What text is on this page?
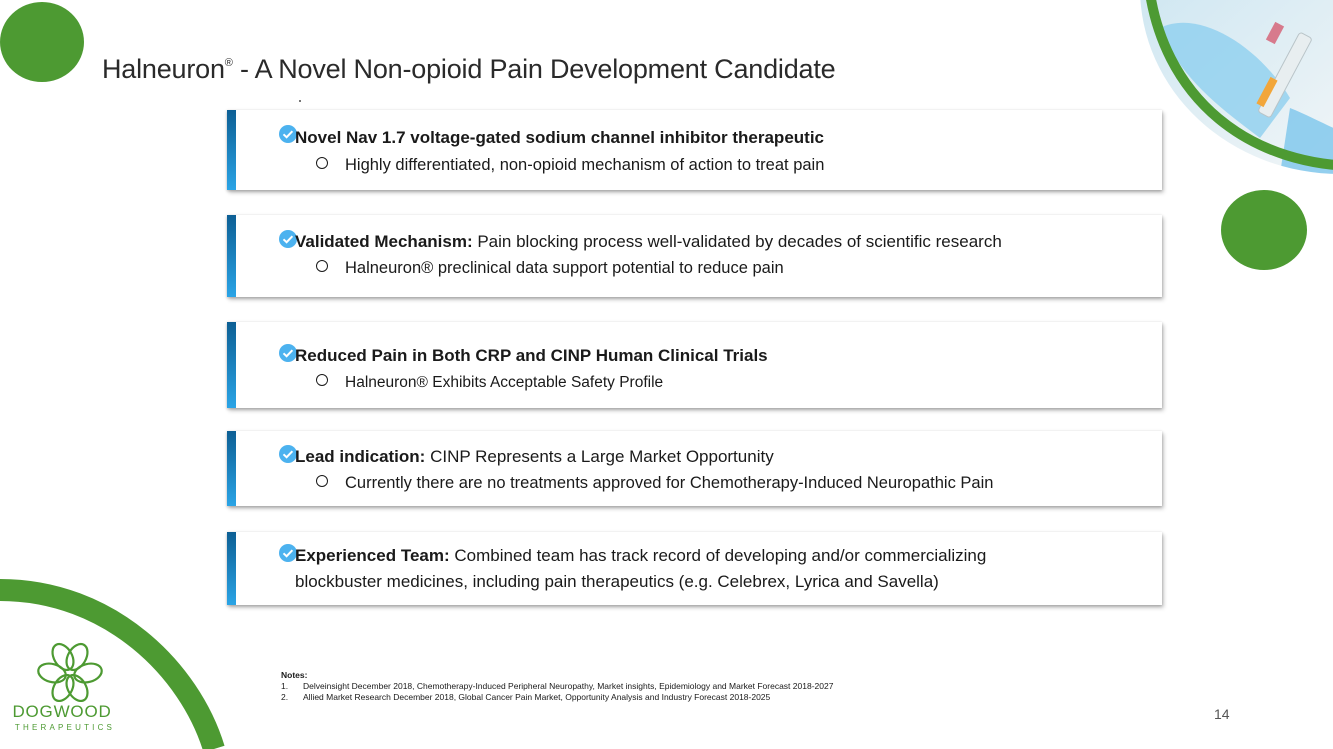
Halneuron® - A Novel Non-opioid Pain Development Candidate
Novel Nav 1.7 voltage-gated sodium channel inhibitor therapeutic
Highly differentiated, non-opioid mechanism of action to treat pain
Validated Mechanism: Pain blocking process well-validated by decades of scientific research
Halneuron® preclinical data support potential to reduce pain
Reduced Pain in Both CRP and CINP Human Clinical Trials
Halneuron® Exhibits Acceptable Safety Profile
Lead indication: CINP Represents a Large Market Opportunity
Currently there are no treatments approved for Chemotherapy-Induced Neuropathic Pain
Experienced Team: Combined team has track record of developing and/or commercializing
blockbuster medicines, including pain therapeutics (e.g. Celebrex, Lyrica and Savella)
Notes:
1. Delveinsight December 2018, Chemotherapy-Induced Peripheral Neuropathy, Market insights, Epidemiology and Market Forecast 2018-2027
2. Allied Market Research December 2018, Global Cancer Pain Market, Opportunity Analysis and Industry Forecast 2018-2025
14
DOGWOOD
THERAPEUTICS
